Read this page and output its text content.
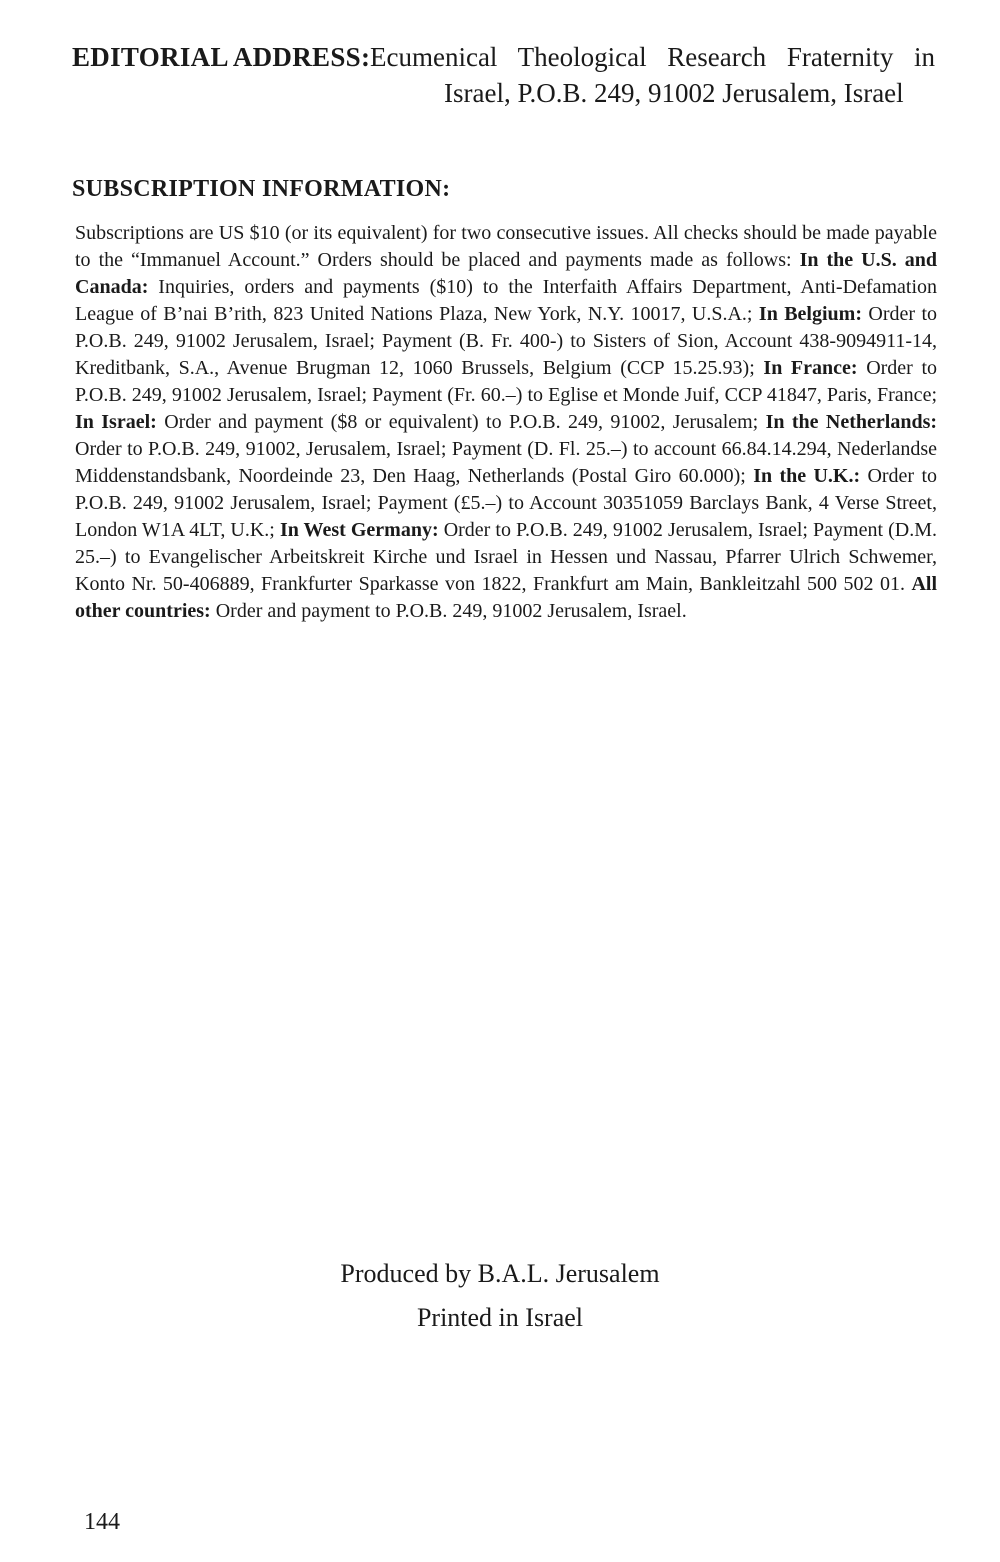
EDITORIAL ADDRESS: Ecumenical Theological Research Fraternity in
Israel, P.O.B. 249, 91002 Jerusalem, Israel
SUBSCRIPTION INFORMATION:

Subscriptions are US $10 (or its equivalent) for two consecutive issues. All checks should be made payable to the “Immanuel Account.” Orders should be placed and payments made as follows: In the U.S. and Canada: Inquiries, orders and payments ($10) to the Interfaith Affairs Department, Anti-Defamation League of B’nai B’rith, 823 United Nations Plaza, New York, N.Y. 10017, U.S.A.; In Belgium: Order to P.O.B. 249, 91002 Jerusalem, Israel; Payment (B. Fr. 400-) to Sisters of Sion, Account 438-9094911-14, Kreditbank, S.A., Avenue Brugman 12, 1060 Brussels, Belgium (CCP 15.25.93); In France: Order to P.O.B. 249, 91002 Jerusalem, Israel; Payment (Fr. 60.–) to Eglise et Monde Juif, CCP 41847, Paris, France; In Israel: Order and payment ($8 or equivalent) to P.O.B. 249, 91002, Jerusalem; In the Netherlands: Order to P.O.B. 249, 91002, Jerusalem, Israel; Payment (D. Fl. 25.–) to account 66.84.14.294, Nederlandse Middenstandsbank, Noordeinde 23, Den Haag, Netherlands (Postal Giro 60.000); In the U.K.: Order to P.O.B. 249, 91002 Jerusalem, Israel; Payment (£5.–) to Account 30351059 Barclays Bank, 4 Verse Street, London W1A 4LT, U.K.; In West Germany: Order to P.O.B. 249, 91002 Jerusalem, Israel; Payment (D.M. 25.–) to Evangelischer Arbeitskreit Kirche und Israel in Hessen und Nassau, Pfarrer Ulrich Schwemer, Konto Nr. 50-406889, Frankfurter Sparkasse von 1822, Frankfurt am Main, Bankleitzahl 500 502 01. All other countries: Order and payment to P.O.B. 249, 91002 Jerusalem, Israel.

Produced by B.A.L. Jerusalem
Printed in Israel
144
